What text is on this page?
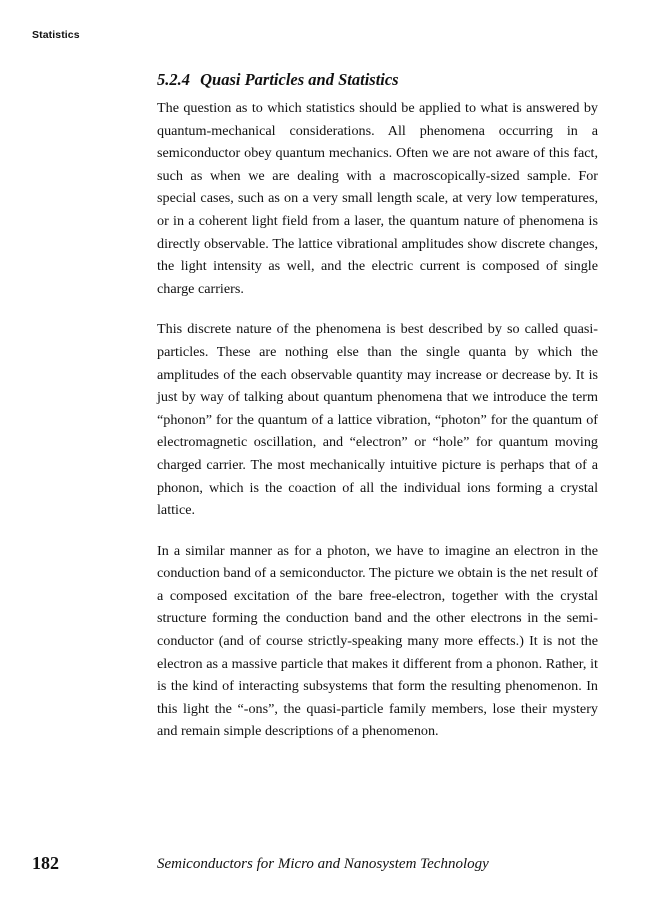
Statistics
5.2.4 Quasi Particles and Statistics

The question as to which statistics should be applied to what is answered by quantum-mechanical considerations. All phenomena occurring in a semiconductor obey quantum mechanics. Often we are not aware of this fact, such as when we are dealing with a macroscopically-sized sample. For special cases, such as on a very small length scale, at very low temperatures, or in a coherent light field from a laser, the quantum nature of phenomena is directly observable. The lattice vibrational amplitudes show discrete changes, the light intensity as well, and the electric current is composed of single charge carriers.

This discrete nature of the phenomena is best described by so called quasi-particles. These are nothing else than the single quanta by which the amplitudes of the each observable quantity may increase or decrease by. It is just by way of talking about quantum phenomena that we introduce the term “phonon” for the quantum of a lattice vibration, “photon” for the quantum of electromagnetic oscillation, and “electron” or “hole” for quantum moving charged carrier. The most mechanically intuitive picture is perhaps that of a phonon, which is the coaction of all the individual ions forming a crystal lattice.

In a similar manner as for a photon, we have to imagine an electron in the conduction band of a semiconductor. The picture we obtain is the net result of a composed excitation of the bare free-electron, together with the crystal structure forming the conduction band and the other electrons in the semi-conductor (and of course strictly-speaking many more effects.) It is not the electron as a massive particle that makes it different from a phonon. Rather, it is the kind of interacting subsystems that form the resulting phenomenon. In this light the “-ons”, the quasi-particle family members, lose their mystery and remain simple descriptions of a phenomenon.

182	Semiconductors for Micro and Nanosystem Technology
